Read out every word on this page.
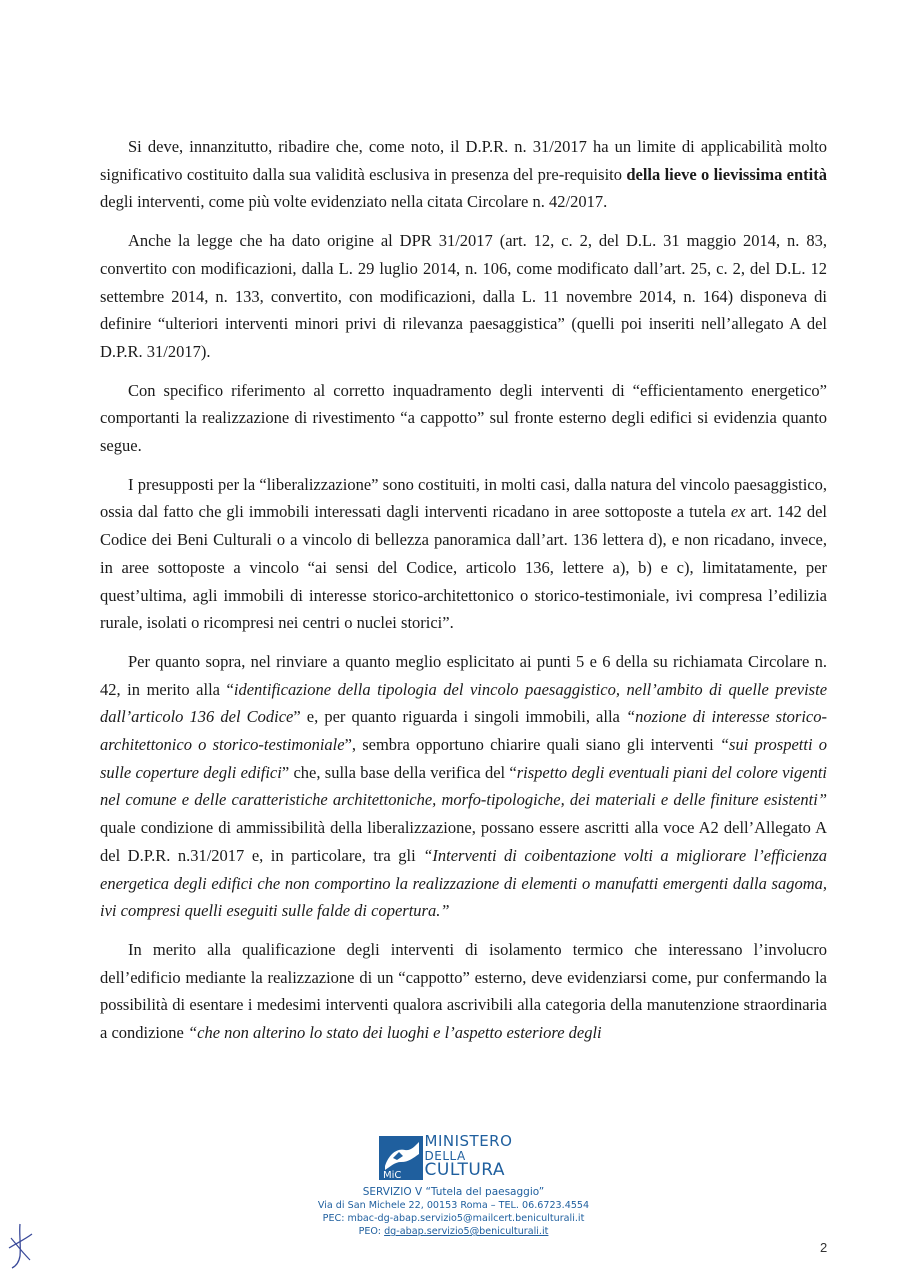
Si deve, innanzitutto, ribadire che, come noto, il D.P.R. n. 31/2017 ha un limite di applicabilità molto significativo costituito dalla sua validità esclusiva in presenza del pre-requisito della lieve o lievissima entità degli interventi, come più volte evidenziato nella citata Circolare n. 42/2017.

Anche la legge che ha dato origine al DPR 31/2017 (art. 12, c. 2, del D.L. 31 maggio 2014, n. 83, convertito con modificazioni, dalla L. 29 luglio 2014, n. 106, come modificato dall’art. 25, c. 2, del D.L. 12 settembre 2014, n. 133, convertito, con modificazioni, dalla L. 11 novembre 2014, n. 164) disponeva di definire “ulteriori interventi minori privi di rilevanza paesaggistica” (quelli poi inseriti nell’allegato A del D.P.R. 31/2017).

Con specifico riferimento al corretto inquadramento degli interventi di “efficientamento energetico” comportanti la realizzazione di rivestimento “a cappotto” sul fronte esterno degli edifici si evidenzia quanto segue.

I presupposti per la “liberalizzazione” sono costituiti, in molti casi, dalla natura del vincolo paesaggistico, ossia dal fatto che gli immobili interessati dagli interventi ricadano in aree sottoposte a tutela ex art. 142 del Codice dei Beni Culturali o a vincolo di bellezza panoramica dall’art. 136 lettera d), e non ricadano, invece, in aree sottoposte a vincolo “ai sensi del Codice, articolo 136, lettere a), b) e c), limitatamente, per quest’ultima, agli immobili di interesse storico-architettonico o storico-testimoniale, ivi compresa l’edilizia rurale, isolati o ricompresi nei centri o nuclei storici”.

Per quanto sopra, nel rinviare a quanto meglio esplicitato ai punti 5 e 6 della su richiamata Circolare n. 42, in merito alla “identificazione della tipologia del vincolo paesaggistico, nell’ambito di quelle previste dall’articolo 136 del Codice” e, per quanto riguarda i singoli immobili, alla “nozione di interesse storico-architettonico o storico-testimoniale”, sembra opportuno chiarire quali siano gli interventi “sui prospetti o sulle coperture degli edifici” che, sulla base della verifica del “rispetto degli eventuali piani del colore vigenti nel comune e delle caratteristiche architettoniche, morfo-tipologiche, dei materiali e delle finiture esistenti” quale condizione di ammissibilità della liberalizzazione, possano essere ascritti alla voce A2 dell’Allegato A del D.P.R. n.31/2017 e, in particolare, tra gli “Interventi di coibentazione volti a migliorare l’efficienza energetica degli edifici che non comportino la realizzazione di elementi o manufatti emergenti dalla sagoma, ivi compresi quelli eseguiti sulle falde di copertura.”

In merito alla qualificazione degli interventi di isolamento termico che interessano l’involucro dell’edificio mediante la realizzazione di un “cappotto” esterno, deve evidenziarsi come, pur confermando la possibilità di esentare i medesimi interventi qualora ascrivibili alla categoria della manutenzione straordinaria a condizione “che non alterino lo stato dei luoghi e l’aspetto esteriore degli

MiC
MINISTERO
DELLA
CULTURA
SERVIZIO V “Tutela del paesaggio”
Via di San Michele 22, 00153 Roma – TEL. 06.6723.4554
PEC: mbac-dg-abap.servizio5@mailcert.beniculturali.it
PEO: dg-abap.servizio5@beniculturali.it
2
